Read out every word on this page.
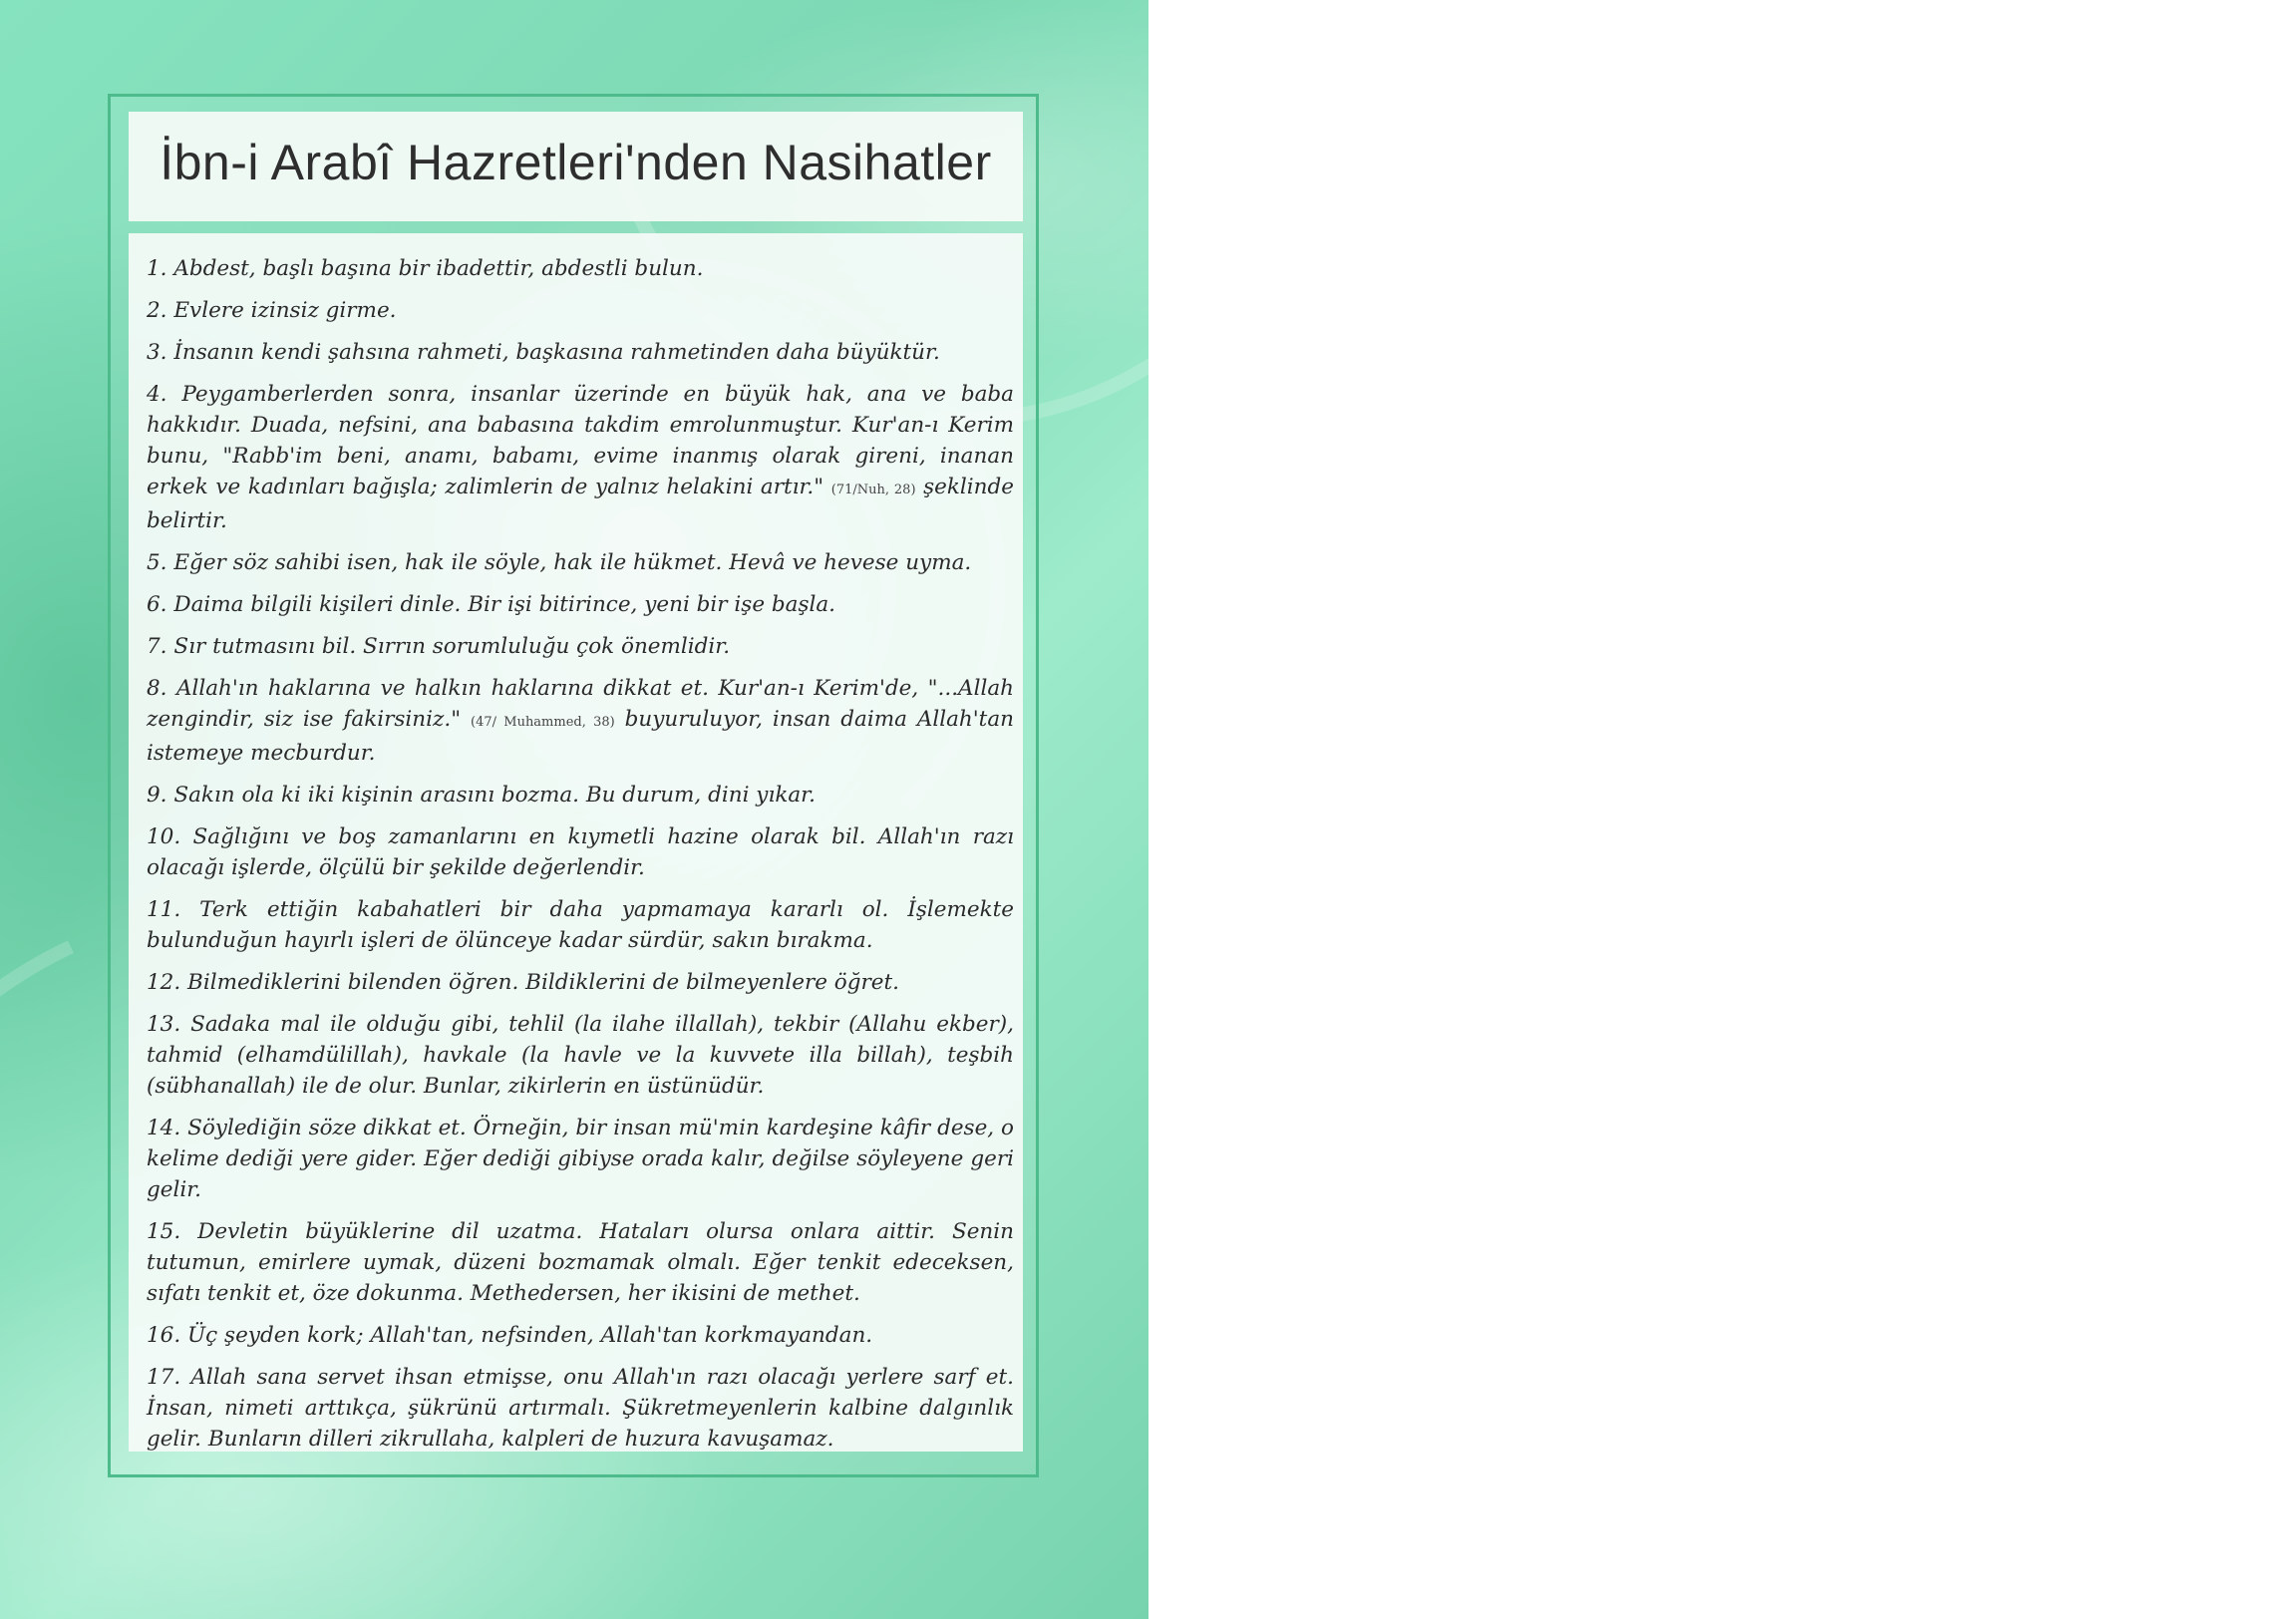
İbn-i Arabî Hazretleri'nden Nasihatler
1. Abdest, başlı başına bir ibadettir, abdestli bulun.
2. Evlere izinsiz girme.
3. İnsanın kendi şahsına rahmeti, başkasına rahmetinden daha büyüktür.
4. Peygamberlerden sonra, insanlar üzerinde en büyük hak, ana ve baba hakkıdır. Duada, nefsini, ana babasına takdim emrolunmuştur. Kur'an-ı Kerim bunu, "Rabb'im beni, anamı, babamı, evime inanmış olarak gireni, inanan erkek ve kadınları bağışla; zalimlerin de yalnız helakini artır." (71/Nuh, 28) şeklinde belirtir.
5. Eğer söz sahibi isen, hak ile söyle, hak ile hükmet. Hevâ ve hevese uyma.
6. Daima bilgili kişileri dinle. Bir işi bitirince, yeni bir işe başla.
7. Sır tutmasını bil. Sırrın sorumluluğu çok önemlidir.
8. Allah'ın haklarına ve halkın haklarına dikkat et. Kur'an-ı Kerim'de, "...Allah zengindir, siz ise fakirsiniz." (47/ Muhammed, 38) buyuruluyor, insan daima Allah'tan istemeye mecburdur.
9. Sakın ola ki iki kişinin arasını bozma. Bu durum, dini yıkar.
10. Sağlığını ve boş zamanlarını en kıymetli hazine olarak bil. Allah'ın razı olacağı işlerde, ölçülü bir şekilde değerlendir.
11. Terk ettiğin kabahatleri bir daha yapmamaya kararlı ol. İşlemekte bulunduğun hayırlı işleri de ölünceye kadar sürdür, sakın bırakma.
12. Bilmediklerini bilenden öğren. Bildiklerini de bilmeyenlere öğret.
13. Sadaka mal ile olduğu gibi, tehlil (la ilahe illallah), tekbir (Allahu ekber), tahmid (elhamdülillah), havkale (la havle ve la kuvvete illa billah), teşbih (sübhanallah) ile de olur. Bunlar, zikirlerin en üstünüdür.
14. Söylediğin söze dikkat et. Örneğin, bir insan mü'min kardeşine kâfir dese, o kelime dediği yere gider. Eğer dediği gibiyse orada kalır, değilse söyleyene geri gelir.
15. Devletin büyüklerine dil uzatma. Hataları olursa onlara aittir. Senin tutumun, emirlere uymak, düzeni bozmamak olmalı. Eğer tenkit edeceksen, sıfatı tenkit et, öze dokunma. Methedersen, her ikisini de methet.
16. Üç şeyden kork; Allah'tan, nefsinden, Allah'tan korkmayandan.
17. Allah sana servet ihsan etmişse, onu Allah'ın razı olacağı yerlere sarf et. İnsan, nimeti arttıkça, şükrünü artırmalı. Şükretmeyenlerin kalbine dalgınlık gelir. Bunların dilleri zikrullaha, kalpleri de huzura kavuşamaz.
